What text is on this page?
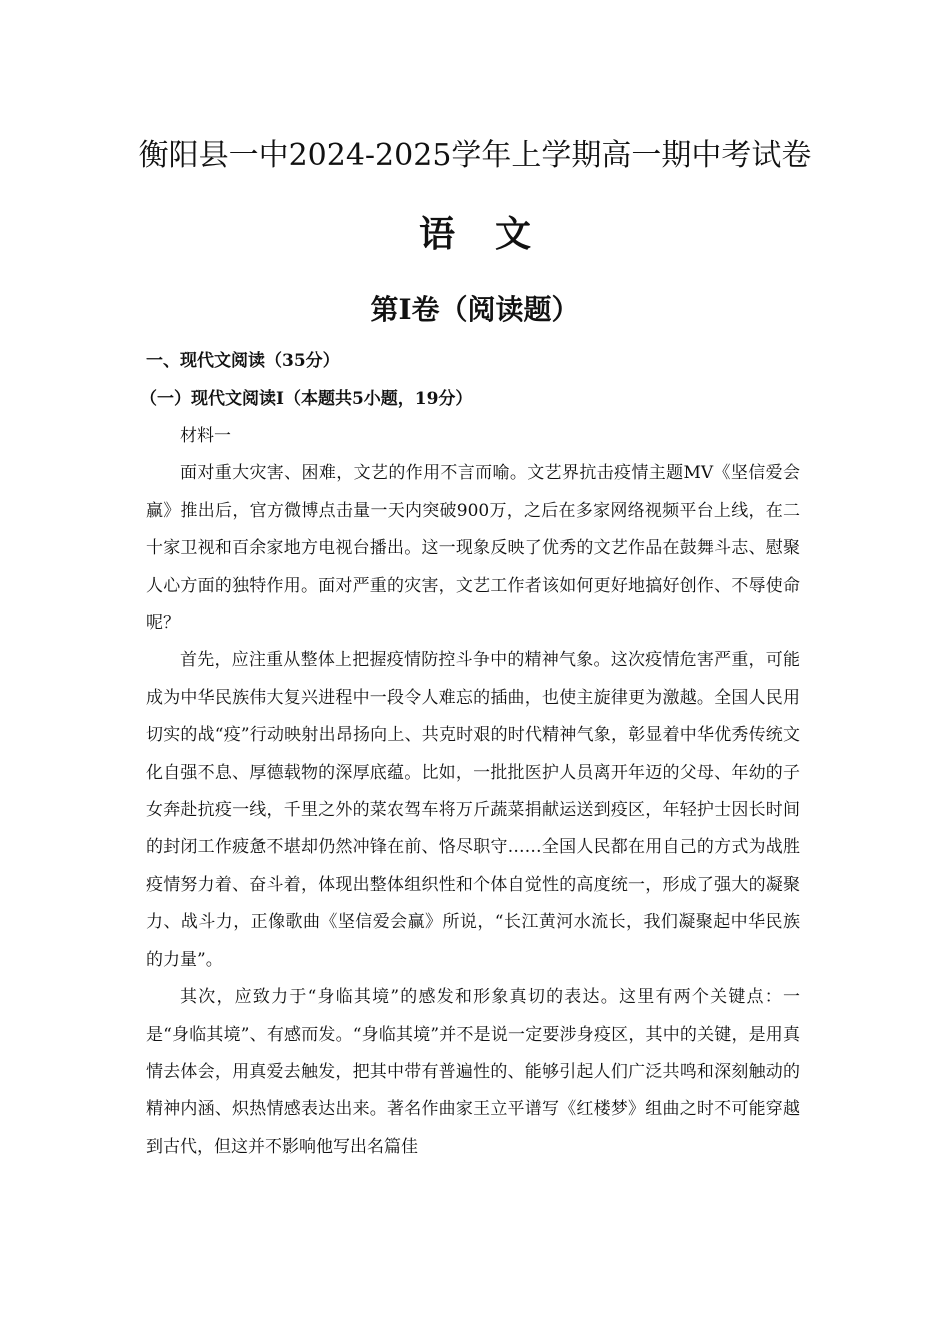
衡阳县一中2024-2025学年上学期高一期中考试卷
语文
第Ⅰ卷（阅读题）
一、现代文阅读（35分）
（一）现代文阅读Ⅰ（本题共5小题，19分）

材料一

面对重大灾害、困难，文艺的作用不言而喻。文艺界抗击疫情主题MV《坚信爱会赢》推出后，官方微博点击量一天内突破900万，之后在多家网络视频平台上线，在二十家卫视和百余家地方电视台播出。这一现象反映了优秀的文艺作品在鼓舞斗志、慰聚人心方面的独特作用。面对严重的灾害，文艺工作者该如何更好地搞好创作、不辱使命呢？

首先，应注重从整体上把握疫情防控斗争中的精神气象。这次疫情危害严重，可能成为中华民族伟大复兴进程中一段令人难忘的插曲，也使主旋律更为激越。全国人民用切实的战“疫”行动映射出昂扬向上、共克时艰的时代精神气象，彰显着中华优秀传统文化自强不息、厚德载物的深厚底蕴。比如，一批批医护人员离开年迈的父母、年幼的子女奔赴抗疫一线，千里之外的菜农驾车将万斤蔬菜捐献运送到疫区，年轻护士因长时间的封闭工作疲惫不堪却仍然冲锋在前、恪尽职守……全国人民都在用自己的方式为战胜疫情努力着、奋斗着，体现出整体组织性和个体自觉性的高度统一，形成了强大的凝聚力、战斗力，正像歌曲《坚信爱会赢》所说，“长江黄河水流长，我们凝聚起中华民族的力量”。

其次，应致力于“身临其境”的感发和形象真切的表达。这里有两个关键点：一是“身临其境”、有感而发。“身临其境”并不是说一定要涉身疫区，其中的关键，是用真情去体会，用真爱去触发，把其中带有普遍性的、能够引起人们广泛共鸣和深刻触动的精神内涵、炽热情感表达出来。著名作曲家王立平谱写《红楼梦》组曲之时不可能穿越到古代，但这并不影响他写出名篇佳
